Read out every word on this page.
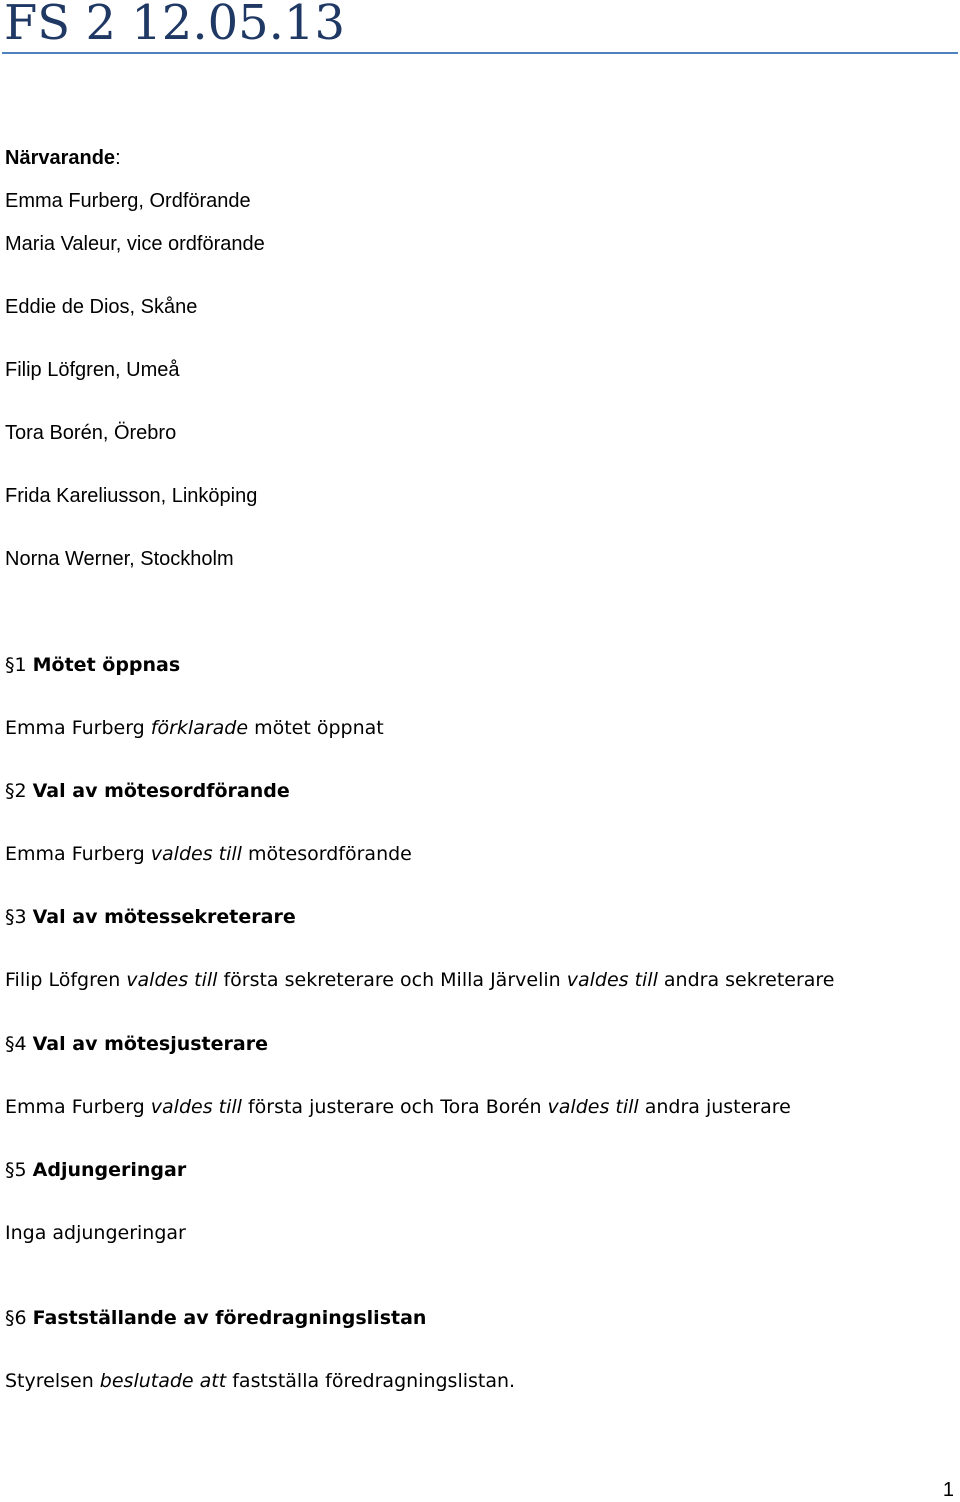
FS 2 12.05.13
Närvarande:
Emma Furberg, Ordförande
Maria Valeur, vice ordförande
Eddie de Dios, Skåne
Filip Löfgren, Umeå
Tora Borén, Örebro
Frida Kareliusson, Linköping
Norna Werner, Stockholm
§1 Mötet öppnas
Emma Furberg förklarade mötet öppnat
§2 Val av mötesordförande
Emma Furberg valdes till mötesordförande
§3 Val av mötessekreterare
Filip Löfgren valdes till första sekreterare och Milla Järvelin valdes till andra sekreterare
§4 Val av mötesjusterare
Emma Furberg valdes till första justerare och Tora Borén valdes till andra justerare
§5 Adjungeringar
Inga adjungeringar
§6 Fastställande av föredragningslistan
Styrelsen beslutade att fastställa föredragningslistan.
1
